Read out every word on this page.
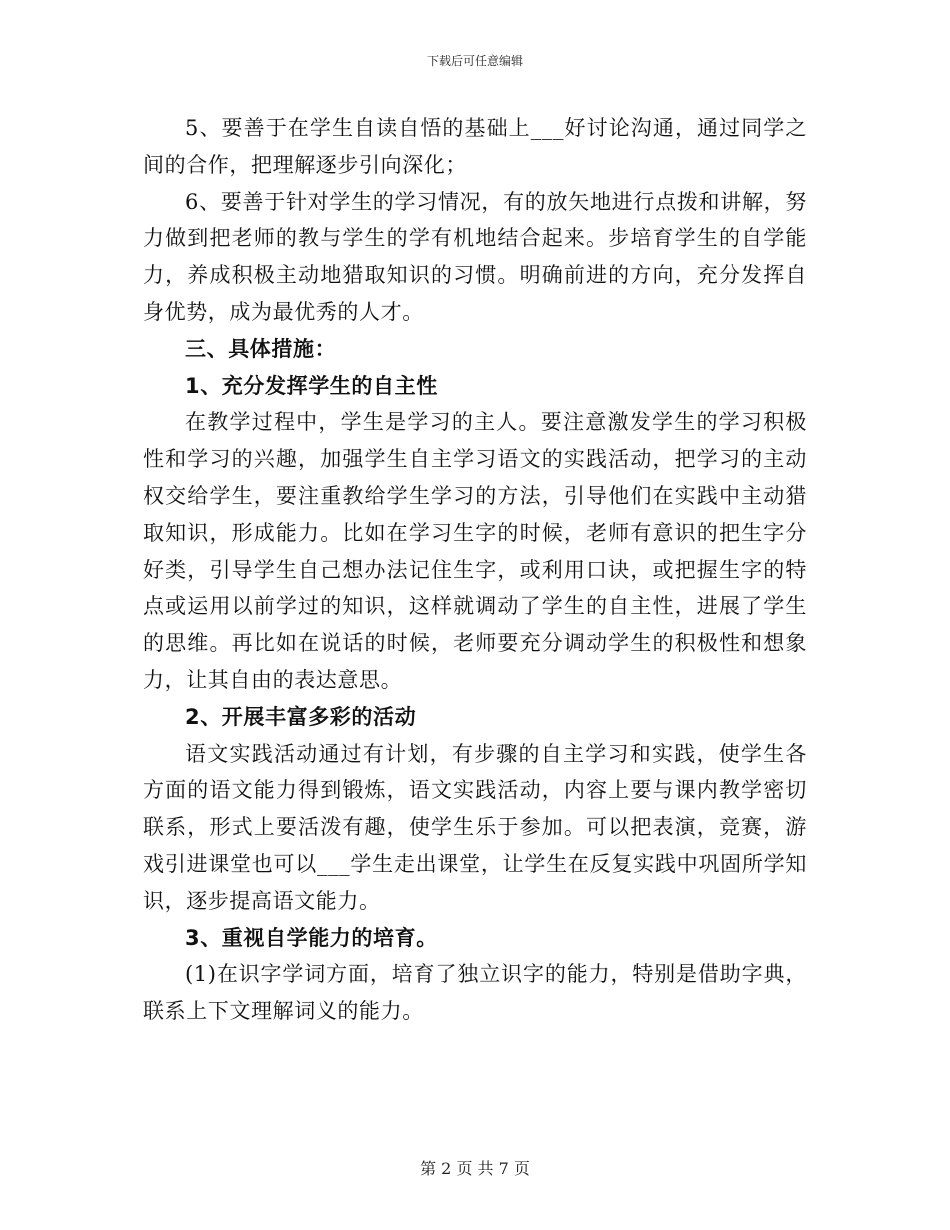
下载后可任意编辑

5、要善于在学生自读自悟的基础上___好讨论沟通，通过同学之间的合作，把理解逐步引向深化；

6、要善于针对学生的学习情况，有的放矢地进行点拨和讲解，努力做到把老师的教与学生的学有机地结合起来。步培育学生的自学能力，养成积极主动地猎取知识的习惯。明确前进的方向，充分发挥自身优势，成为最优秀的人才。

三、具体措施：

1、充分发挥学生的自主性

在教学过程中，学生是学习的主人。要注意激发学生的学习积极性和学习的兴趣，加强学生自主学习语文的实践活动，把学习的主动权交给学生，要注重教给学生学习的方法，引导他们在实践中主动猎取知识，形成能力。比如在学习生字的时候，老师有意识的把生字分好类，引导学生自己想办法记住生字，或利用口诀，或把握生字的特点或运用以前学过的知识，这样就调动了学生的自主性，进展了学生的思维。再比如在说话的时候，老师要充分调动学生的积极性和想象力，让其自由的表达意思。

2、开展丰富多彩的活动

语文实践活动通过有计划，有步骤的自主学习和实践，使学生各方面的语文能力得到锻炼，语文实践活动，内容上要与课内教学密切联系，形式上要活泼有趣，使学生乐于参加。可以把表演，竞赛，游戏引进课堂也可以___学生走出课堂，让学生在反复实践中巩固所学知识，逐步提高语文能力。

3、重视自学能力的培育。

(1)在识字学词方面，培育了独立识字的能力，特别是借助字典，联系上下文理解词义的能力。

第 2 页 共 7 页
